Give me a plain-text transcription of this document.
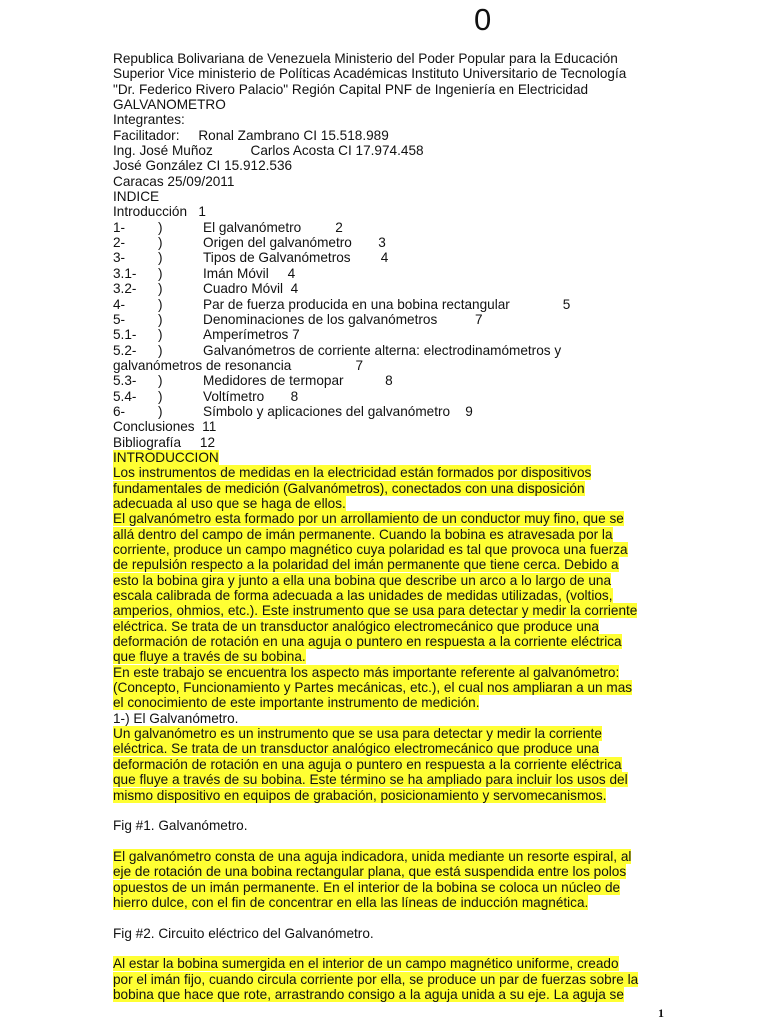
0
Republica Bolivariana de Venezuela Ministerio del Poder Popular para la Educación
Superior Vice ministerio de Políticas Académicas Instituto Universitario de Tecnología
"Dr. Federico Rivero Palacio" Región Capital PNF de Ingeniería en Electricidad
GALVANOMETRO
Integrantes:
Facilitador:     Ronal Zambrano CI 15.518.989
Ing. José Muñoz          Carlos Acosta CI 17.974.458
José González CI 15.912.536
Caracas 25/09/2011
INDICE
Introducción   1
1- )	El galvanómetro         2
2- )	Origen del galvanómetro       3
3- )	Tipos de Galvanómetros        4
3.1- )	Imán Móvil     4
3.2- )	Cuadro Móvil  4
4- )	Par de fuerza producida en una bobina rectangular              5
5- )	Denominaciones de los galvanómetros          7
5.1- )	Amperímetros 7
5.2- )	Galvanómetros de corriente alterna: electrodinamómetros y
galvanómetros de resonancia                 7
5.3- )	Medidores de termopar           8
5.4- )	Voltímetro       8
6- )	Símbolo y aplicaciones del galvanómetro    9
Conclusiones  11
Bibliografía     12
INTRODUCCION
Los instrumentos de medidas en la electricidad están formados por dispositivos
fundamentales de medición (Galvanómetros), conectados con una disposición
adecuada al uso que se haga de ellos.
El galvanómetro esta formado por un arrollamiento de un conductor muy fino, que se
allá dentro del campo de imán permanente. Cuando la bobina es atravesada por la
corriente, produce un campo magnético cuya polaridad es tal que provoca una fuerza
de repulsión respecto a la polaridad del imán permanente que tiene cerca. Debido a
esto la bobina gira y junto a ella una bobina que describe un arco a lo largo de una
escala calibrada de forma adecuada a las unidades de medidas utilizadas, (voltios,
amperios, ohmios, etc.). Este instrumento que se usa para detectar y medir la corriente
eléctrica. Se trata de un transductor analógico electromecánico que produce una
deformación de rotación en una aguja o puntero en respuesta a la corriente eléctrica
que fluye a través de su bobina.
En este trabajo se encuentra los aspecto más importante referente al galvanómetro:
(Concepto, Funcionamiento y Partes mecánicas, etc.), el cual nos ampliaran a un mas
el conocimiento de este importante instrumento de medición.
1-) El Galvanómetro.
Un galvanómetro es un instrumento que se usa para detectar y medir la corriente
eléctrica. Se trata de un transductor analógico electromecánico que produce una
deformación de rotación en una aguja o puntero en respuesta a la corriente eléctrica
que fluye a través de su bobina. Este término se ha ampliado para incluir los usos del
mismo dispositivo en equipos de grabación, posicionamiento y servomecanismos.
Fig #1. Galvanómetro.
El galvanómetro consta de una aguja indicadora, unida mediante un resorte espiral, al
eje de rotación de una bobina rectangular plana, que está suspendida entre los polos
opuestos de un imán permanente. En el interior de la bobina se coloca un núcleo de
hierro dulce, con el fin de concentrar en ella las líneas de inducción magnética.
Fig #2. Circuito eléctrico del Galvanómetro.
Al estar la bobina sumergida en el interior de un campo magnético uniforme, creado
por el imán fijo, cuando circula corriente por ella, se produce un par de fuerzas sobre la
bobina que hace que rote, arrastrando consigo a la aguja unida a su eje. La aguja se
1
